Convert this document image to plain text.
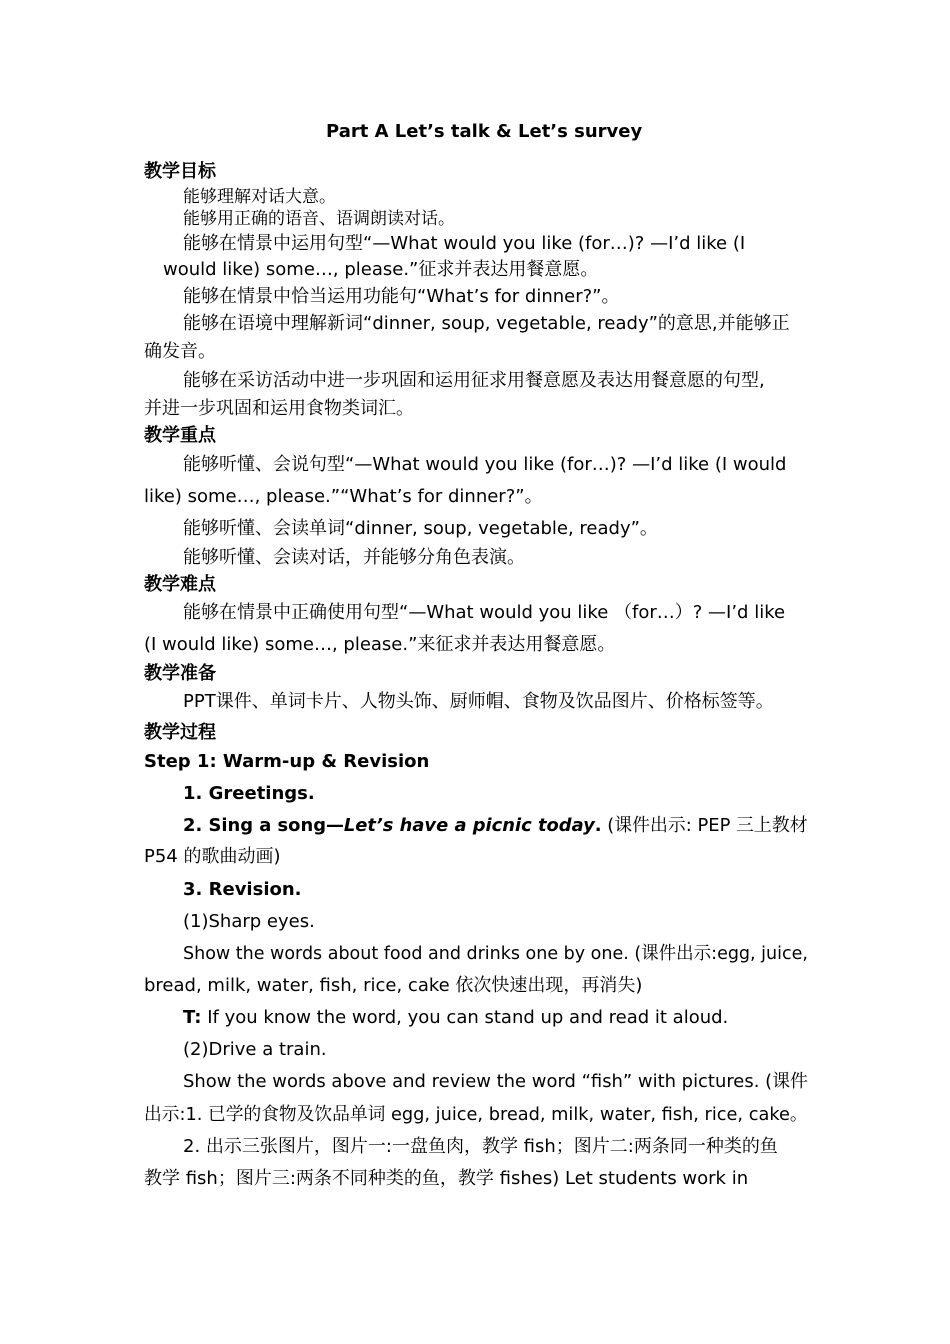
Part A Let’s talk & Let’s survey
教学目标
能够理解对话大意。
能够用正确的语音、语调朗读对话。
能够在情景中运用句型“—What would you like (for…)? —I’d like (I
would like) some…, please.”征求并表达用餐意愿。
能够在情景中恰当运用功能句“What’s for dinner?”。
能够在语境中理解新词“dinner, soup, vegetable, ready”的意思,并能够正
确发音。
能够在采访活动中进一步巩固和运用征求用餐意愿及表达用餐意愿的句型,
并进一步巩固和运用食物类词汇。
教学重点
能够听懂、会说句型“—What would you like (for…)? —I’d like (I would
like) some…, please.”“What’s for dinner?”。
能够听懂、会读单词“dinner, soup, vegetable, ready”。
能够听懂、会读对话，并能够分角色表演。
教学难点
能够在情景中正确使用句型“—What would you like （for…）? —I’d like
(I would like) some…, please.”来征求并表达用餐意愿。
教学准备
PPT课件、单词卡片、人物头饰、厨师帽、食物及饮品图片、价格标签等。
教学过程
Step 1: Warm-up & Revision
1. Greetings.
2. Sing a song—Let’s have a picnic today. (课件出示: PEP 三上教材
P54 的歌曲动画)
3. Revision.
(1)Sharp eyes.
Show the words about food and drinks one by one. (课件出示:egg, juice,
bread, milk, water, fish, rice, cake 依次快速出现，再消失)
T: If you know the word, you can stand up and read it aloud.
(2)Drive a train.
Show the words above and review the word “fish” with pictures. (课件
出示:1. 已学的食物及饮品单词 egg, juice, bread, milk, water, fish, rice, cake。
2. 出示三张图片，图片一:一盘鱼肉，教学 fish；图片二:两条同一种类的鱼
教学 fish；图片三:两条不同种类的鱼，教学 fishes) Let students work in
